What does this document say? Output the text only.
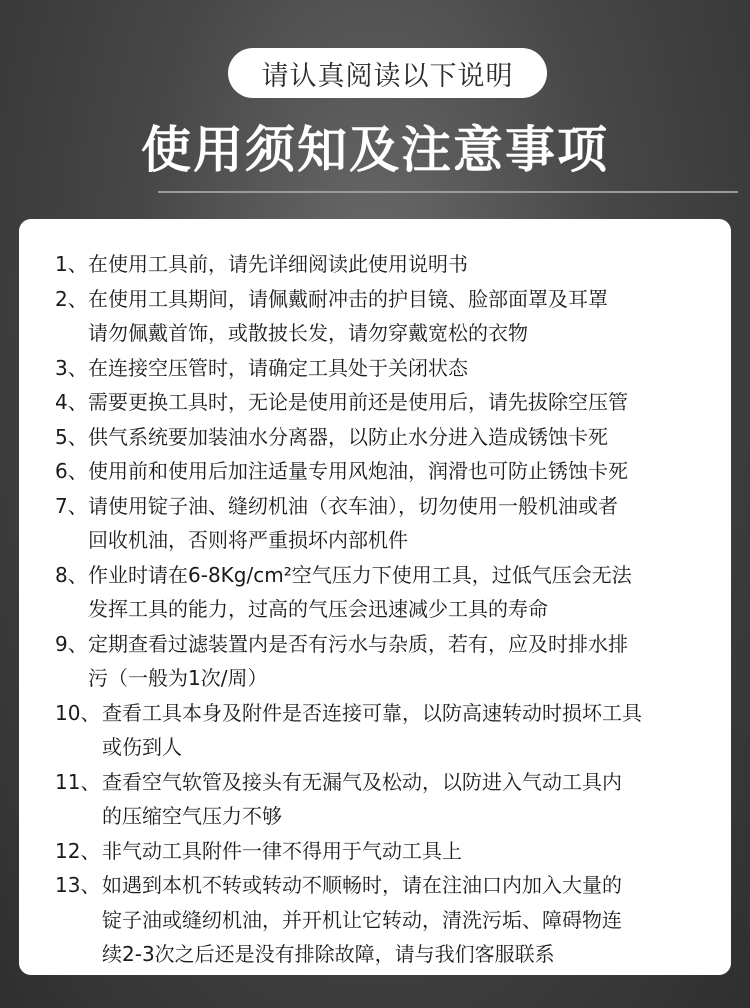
请认真阅读以下说明
使用须知及注意事项
1、 在使用工具前，请先详细阅读此使用说明书
2、 在使用工具期间，请佩戴耐冲击的护目镜、脸部面罩及耳罩
请勿佩戴首饰，或散披长发，请勿穿戴宽松的衣物
3、 在连接空压管时，请确定工具处于关闭状态
4、 需要更换工具时，无论是使用前还是使用后，请先拔除空压管
5、 供气系统要加装油水分离器，以防止水分进入造成锈蚀卡死
6、 使用前和使用后加注适量专用风炮油，润滑也可防止锈蚀卡死
7、 请使用锭子油、缝纫机油（衣车油），切勿使用一般机油或者
回收机油，否则将严重损坏内部机件
8、 作业时请在6-8Kg/cm²空气压力下使用工具，过低气压会无法
发挥工具的能力，过高的气压会迅速减少工具的寿命
9、 定期查看过滤装置内是否有污水与杂质，若有，应及时排水排
污（一般为1次/周）
10、 查看工具本身及附件是否连接可靠，以防高速转动时损坏工具
或伤到人
11、 查看空气软管及接头有无漏气及松动，以防进入气动工具内
的压缩空气压力不够
12、 非气动工具附件一律不得用于气动工具上
13、 如遇到本机不转或转动不顺畅时，请在注油口内加入大量的
锭子油或缝纫机油，并开机让它转动，清洗污垢、障碍物连
续2-3次之后还是没有排除故障，请与我们客服联系
